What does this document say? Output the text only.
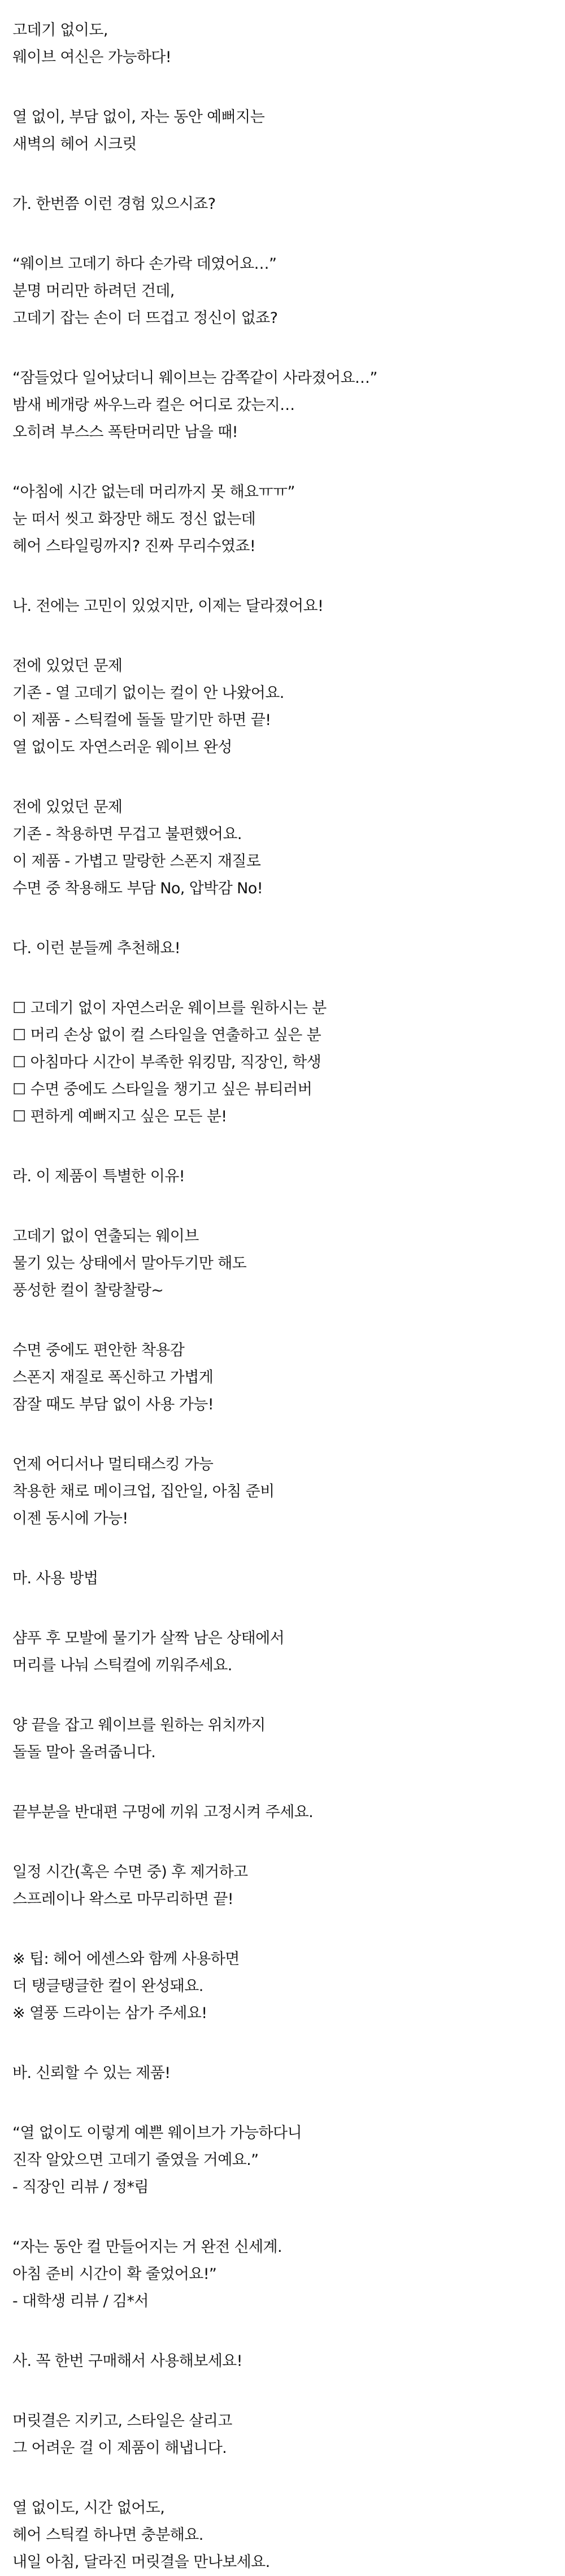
고데기 없이도,
웨이브 여신은 가능하다!
열 없이, 부담 없이, 자는 동안 예뻐지는
새벽의 헤어 시크릿
가. 한번쯤 이런 경험 있으시죠?
“웨이브 고데기 하다 손가락 데였어요…”
분명 머리만 하려던 건데,
고데기 잡는 손이 더 뜨겁고 정신이 없죠?
“잠들었다 일어났더니 웨이브는 감쪽같이 사라졌어요…”
밤새 베개랑 싸우느라 컬은 어디로 갔는지…
오히려 부스스 폭탄머리만 남을 때!
“아침에 시간 없는데 머리까지 못 해요ㅠㅠ”
눈 떠서 씻고 화장만 해도 정신 없는데
헤어 스타일링까지? 진짜 무리수였죠!
나. 전에는 고민이 있었지만, 이제는 달라졌어요!
전에 있었던 문제
기존 - 열 고데기 없이는 컬이 안 나왔어요.
이 제품 - 스틱컬에 돌돌 말기만 하면 끝!
열 없이도 자연스러운 웨이브 완성
전에 있었던 문제
기존 - 착용하면 무겁고 불편했어요.
이 제품 - 가볍고 말랑한 스폰지 재질로
수면 중 착용해도 부담 No, 압박감 No!
다. 이런 분들께 추천해요!
☐ 고데기 없이 자연스러운 웨이브를 원하시는 분
☐ 머리 손상 없이 컬 스타일을 연출하고 싶은 분
☐ 아침마다 시간이 부족한 워킹맘, 직장인, 학생
☐ 수면 중에도 스타일을 챙기고 싶은 뷰티러버
☐ 편하게 예뻐지고 싶은 모든 분!
라. 이 제품이 특별한 이유!
고데기 없이 연출되는 웨이브
물기 있는 상태에서 말아두기만 해도
풍성한 컬이 찰랑찰랑~
수면 중에도 편안한 착용감
스폰지 재질로 폭신하고 가볍게
잠잘 때도 부담 없이 사용 가능!
언제 어디서나 멀티태스킹 가능
착용한 채로 메이크업, 집안일, 아침 준비
이젠 동시에 가능!
마. 사용 방법
샴푸 후 모발에 물기가 살짝 남은 상태에서
머리를 나눠 스틱컬에 끼워주세요.
양 끝을 잡고 웨이브를 원하는 위치까지
돌돌 말아 올려줍니다.
끝부분을 반대편 구멍에 끼워 고정시켜 주세요.
일정 시간(혹은 수면 중) 후 제거하고
스프레이나 왁스로 마무리하면 끝!
※ 팁: 헤어 에센스와 함께 사용하면
더 탱글탱글한 컬이 완성돼요.
※ 열풍 드라이는 삼가 주세요!
바. 신뢰할 수 있는 제품!
“열 없이도 이렇게 예쁜 웨이브가 가능하다니
진작 알았으면 고데기 줄였을 거예요.”
- 직장인 리뷰 / 정*림
“자는 동안 컬 만들어지는 거 완전 신세계.
아침 준비 시간이 확 줄었어요!”
- 대학생 리뷰 / 김*서
사. 꼭 한번 구매해서 사용해보세요!
머릿결은 지키고, 스타일은 살리고
그 어려운 걸 이 제품이 해냅니다.
열 없이도, 시간 없어도,
헤어 스틱컬 하나면 충분해요.
내일 아침, 달라진 머릿결을 만나보세요.
